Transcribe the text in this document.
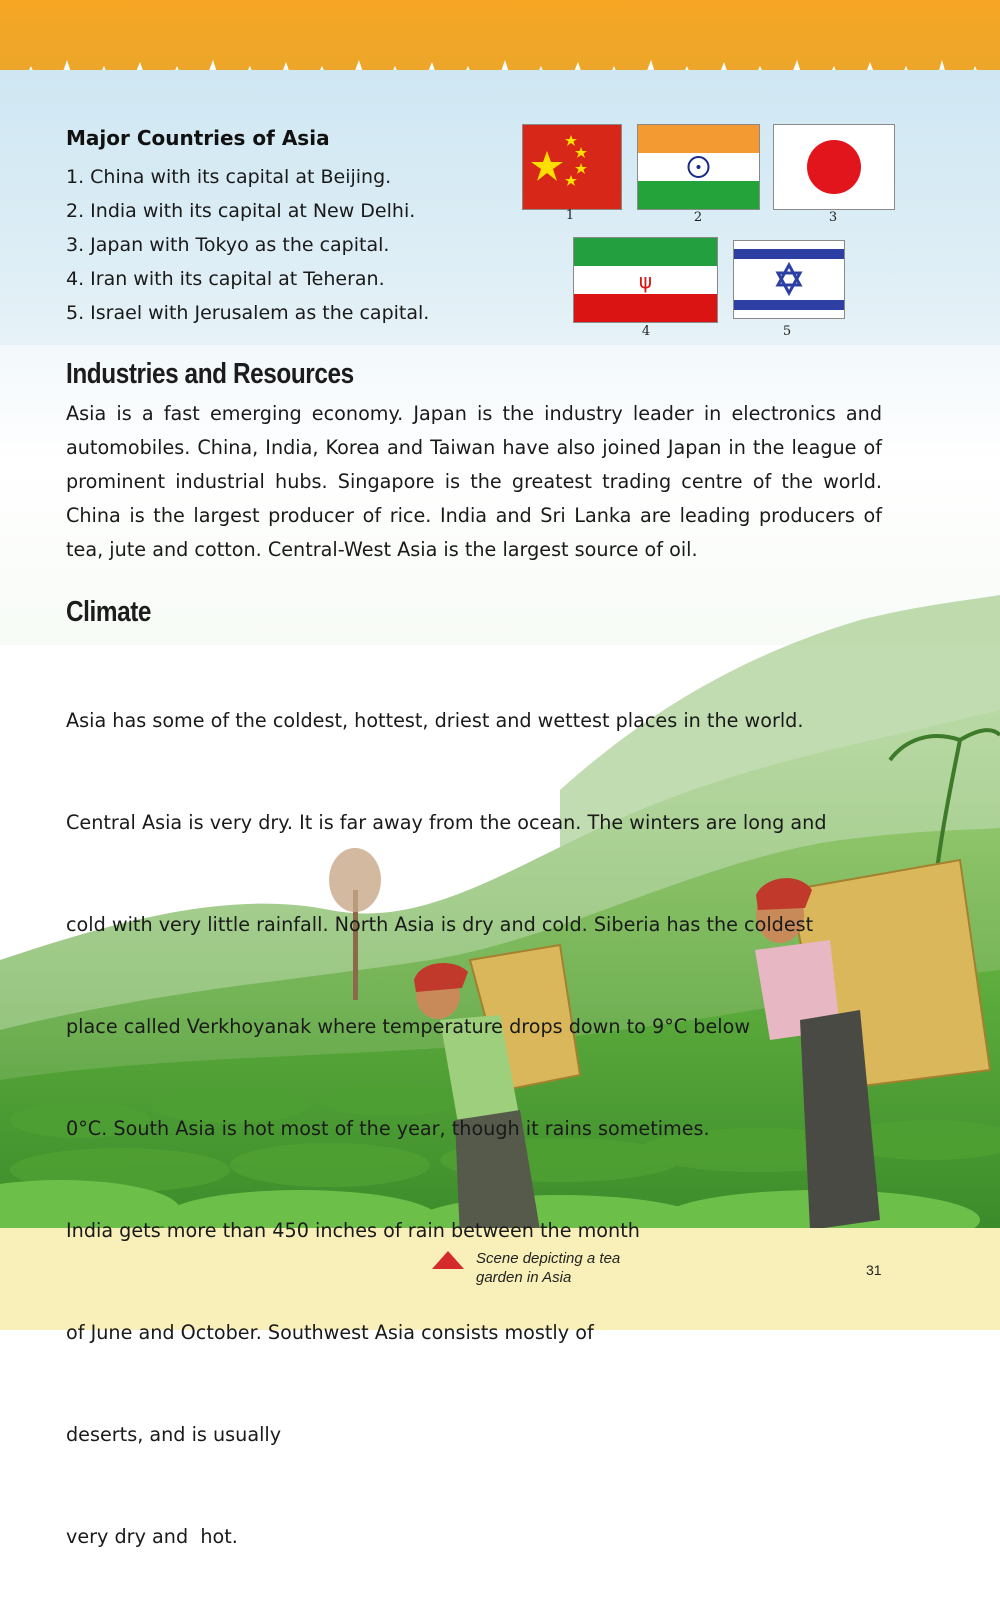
Major Countries of Asia
1. China with its capital at Beijing.
2. India with its capital at New Delhi.
3. Japan with Tokyo as the capital.
4. Iran with its capital at Teheran.
5. Israel with Jerusalem as the capital.
1	2	3
ψ
4	5
Industries and Resources

Asia is a fast emerging economy. Japan is the industry leader in electronics and automobiles. China, India, Korea and Taiwan have also joined Japan in the league of prominent industrial hubs. Singapore is the greatest trading centre of the world. China is the largest producer of rice. India and Sri Lanka are leading producers of tea, jute and cotton. Central-West Asia is the largest source of oil.

Climate

Asia has some of the coldest, hottest, driest and wettest places in the world.

Central Asia is very dry. It is far away from the ocean. The winters are long and

cold with very little rainfall. North Asia is dry and cold. Siberia has the coldest

place called Verkhoyanak where temperature drops down to 9°C below

0°C. South Asia is hot most of the year, though it rains sometimes.

India gets more than 450 inches of rain between the month

of June and October. Southwest Asia consists mostly of

deserts, and is usually

very dry and  hot.

Scene depicting a tea
garden in Asia	31
